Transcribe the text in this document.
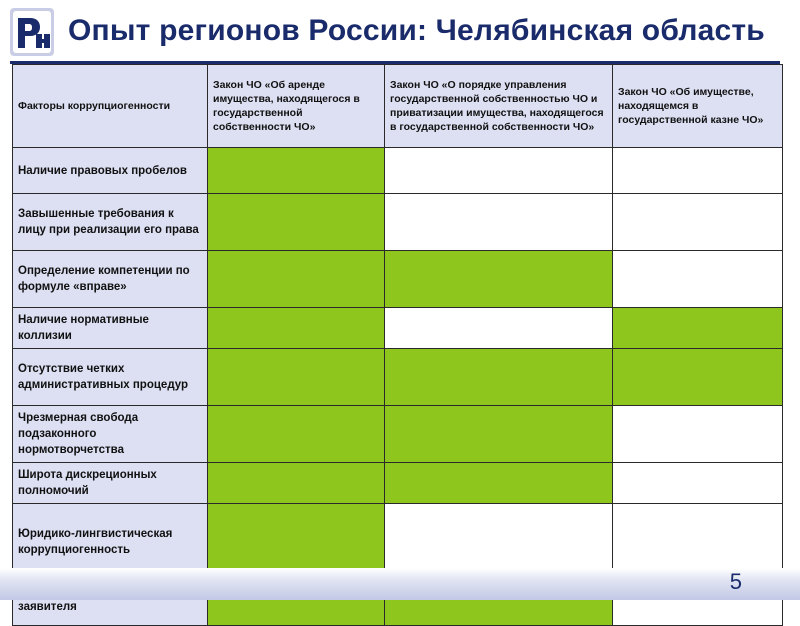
Опыт регионов России: Челябинская область
Факторы коррупциогенности	Закон ЧО «Об аренде имущества, находящегося в государственной собственности ЧО»	Закон ЧО «О порядке управления государственной собственностью ЧО и приватизации имущества, находящегося в государственной собственности ЧО»	Закон ЧО «Об имуществе, находящемся в государственной казне ЧО»
Наличие правовых пробелов			
Завышенные требования к лицу при реализации его права			
Определение компетенции по формуле «вправе»			
Наличие нормативные коллизии			
Отсутствие четких административных процедур			
Чрезмерная свобода подзаконного нормотворчетства			
Широта дискреционных полномочий			
Юридико-лингвистическая коррупциогенность			
заявителя			
5
